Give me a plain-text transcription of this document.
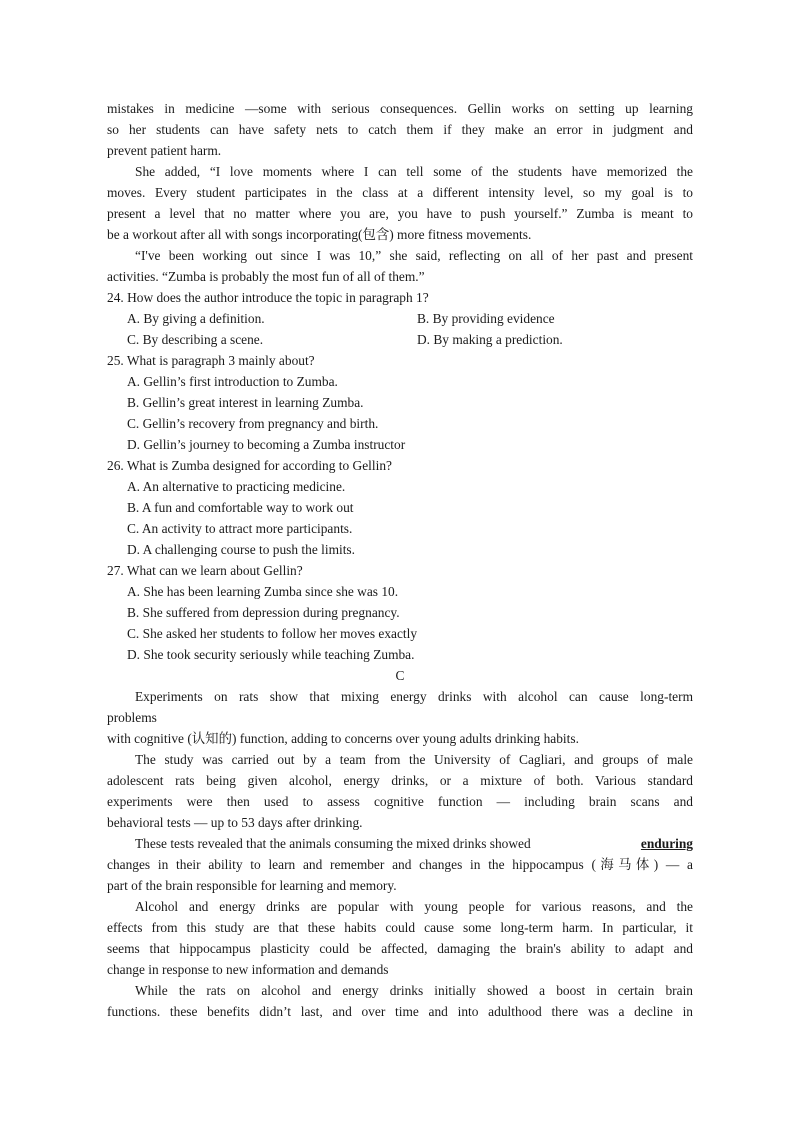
mistakes in medicine —some with serious consequences. Gellin works on setting up learning
so her students can have safety nets to catch them if they make an error in judgment and
prevent patient harm.
She added, “I love moments where I can tell some of the students have memorized the
moves. Every student participates in the class at a different intensity level, so my goal is to
present a level that no matter where you are, you have to push yourself.” Zumba is meant to
be a workout after all with songs incorporating(包含) more fitness movements.
“I've been working out since I was 10,” she said, reflecting on all of her past and present
activities. “Zumba is probably the most fun of all of them.”
24. How does the author introduce the topic in paragraph 1?
A. By giving a definition.	B. By providing evidence
C. By describing a scene.	D. By making a prediction.
25. What is paragraph 3 mainly about?
A. Gellin’s first introduction to Zumba.
B. Gellin’s great interest in learning Zumba.
C. Gellin’s recovery from pregnancy and birth.
D. Gellin’s journey to becoming a Zumba instructor
26. What is Zumba designed for according to Gellin?
A. An alternative to practicing medicine.
B. A fun and comfortable way to work out
C. An activity to attract more participants.
D. A challenging course to push the limits.
27. What can we learn about Gellin?
A. She has been learning Zumba since she was 10.
B. She suffered from depression during pregnancy.
C. She asked her students to follow her moves exactly
D. She took security seriously while teaching Zumba.
C
Experiments on rats show that mixing energy drinks with alcohol can cause long-term
problems
with cognitive (认知的) function, adding to concerns over young adults drinking habits.
The study was carried out by a team from the University of Cagliari, and groups of male
adolescent rats being given alcohol, energy drinks, or a mixture of both. Various standard
experiments were then used to assess cognitive function — including brain scans and
behavioral tests — up to 53 days after drinking.
These tests revealed that the animals consuming the mixed drinks showed	enduring
changes in their ability to learn and remember and changes in the hippocampus (海马体) — a
part of the brain responsible for learning and memory.
Alcohol and energy drinks are popular with young people for various reasons, and the
effects from this study are that these habits could cause some long-term harm. In particular, it
seems that hippocampus plasticity could be affected, damaging the brain's ability to adapt and
change in response to new information and demands
While the rats on alcohol and energy drinks initially showed a boost in certain brain
functions. these benefits didn’t last, and over time and into adulthood there was a decline in
